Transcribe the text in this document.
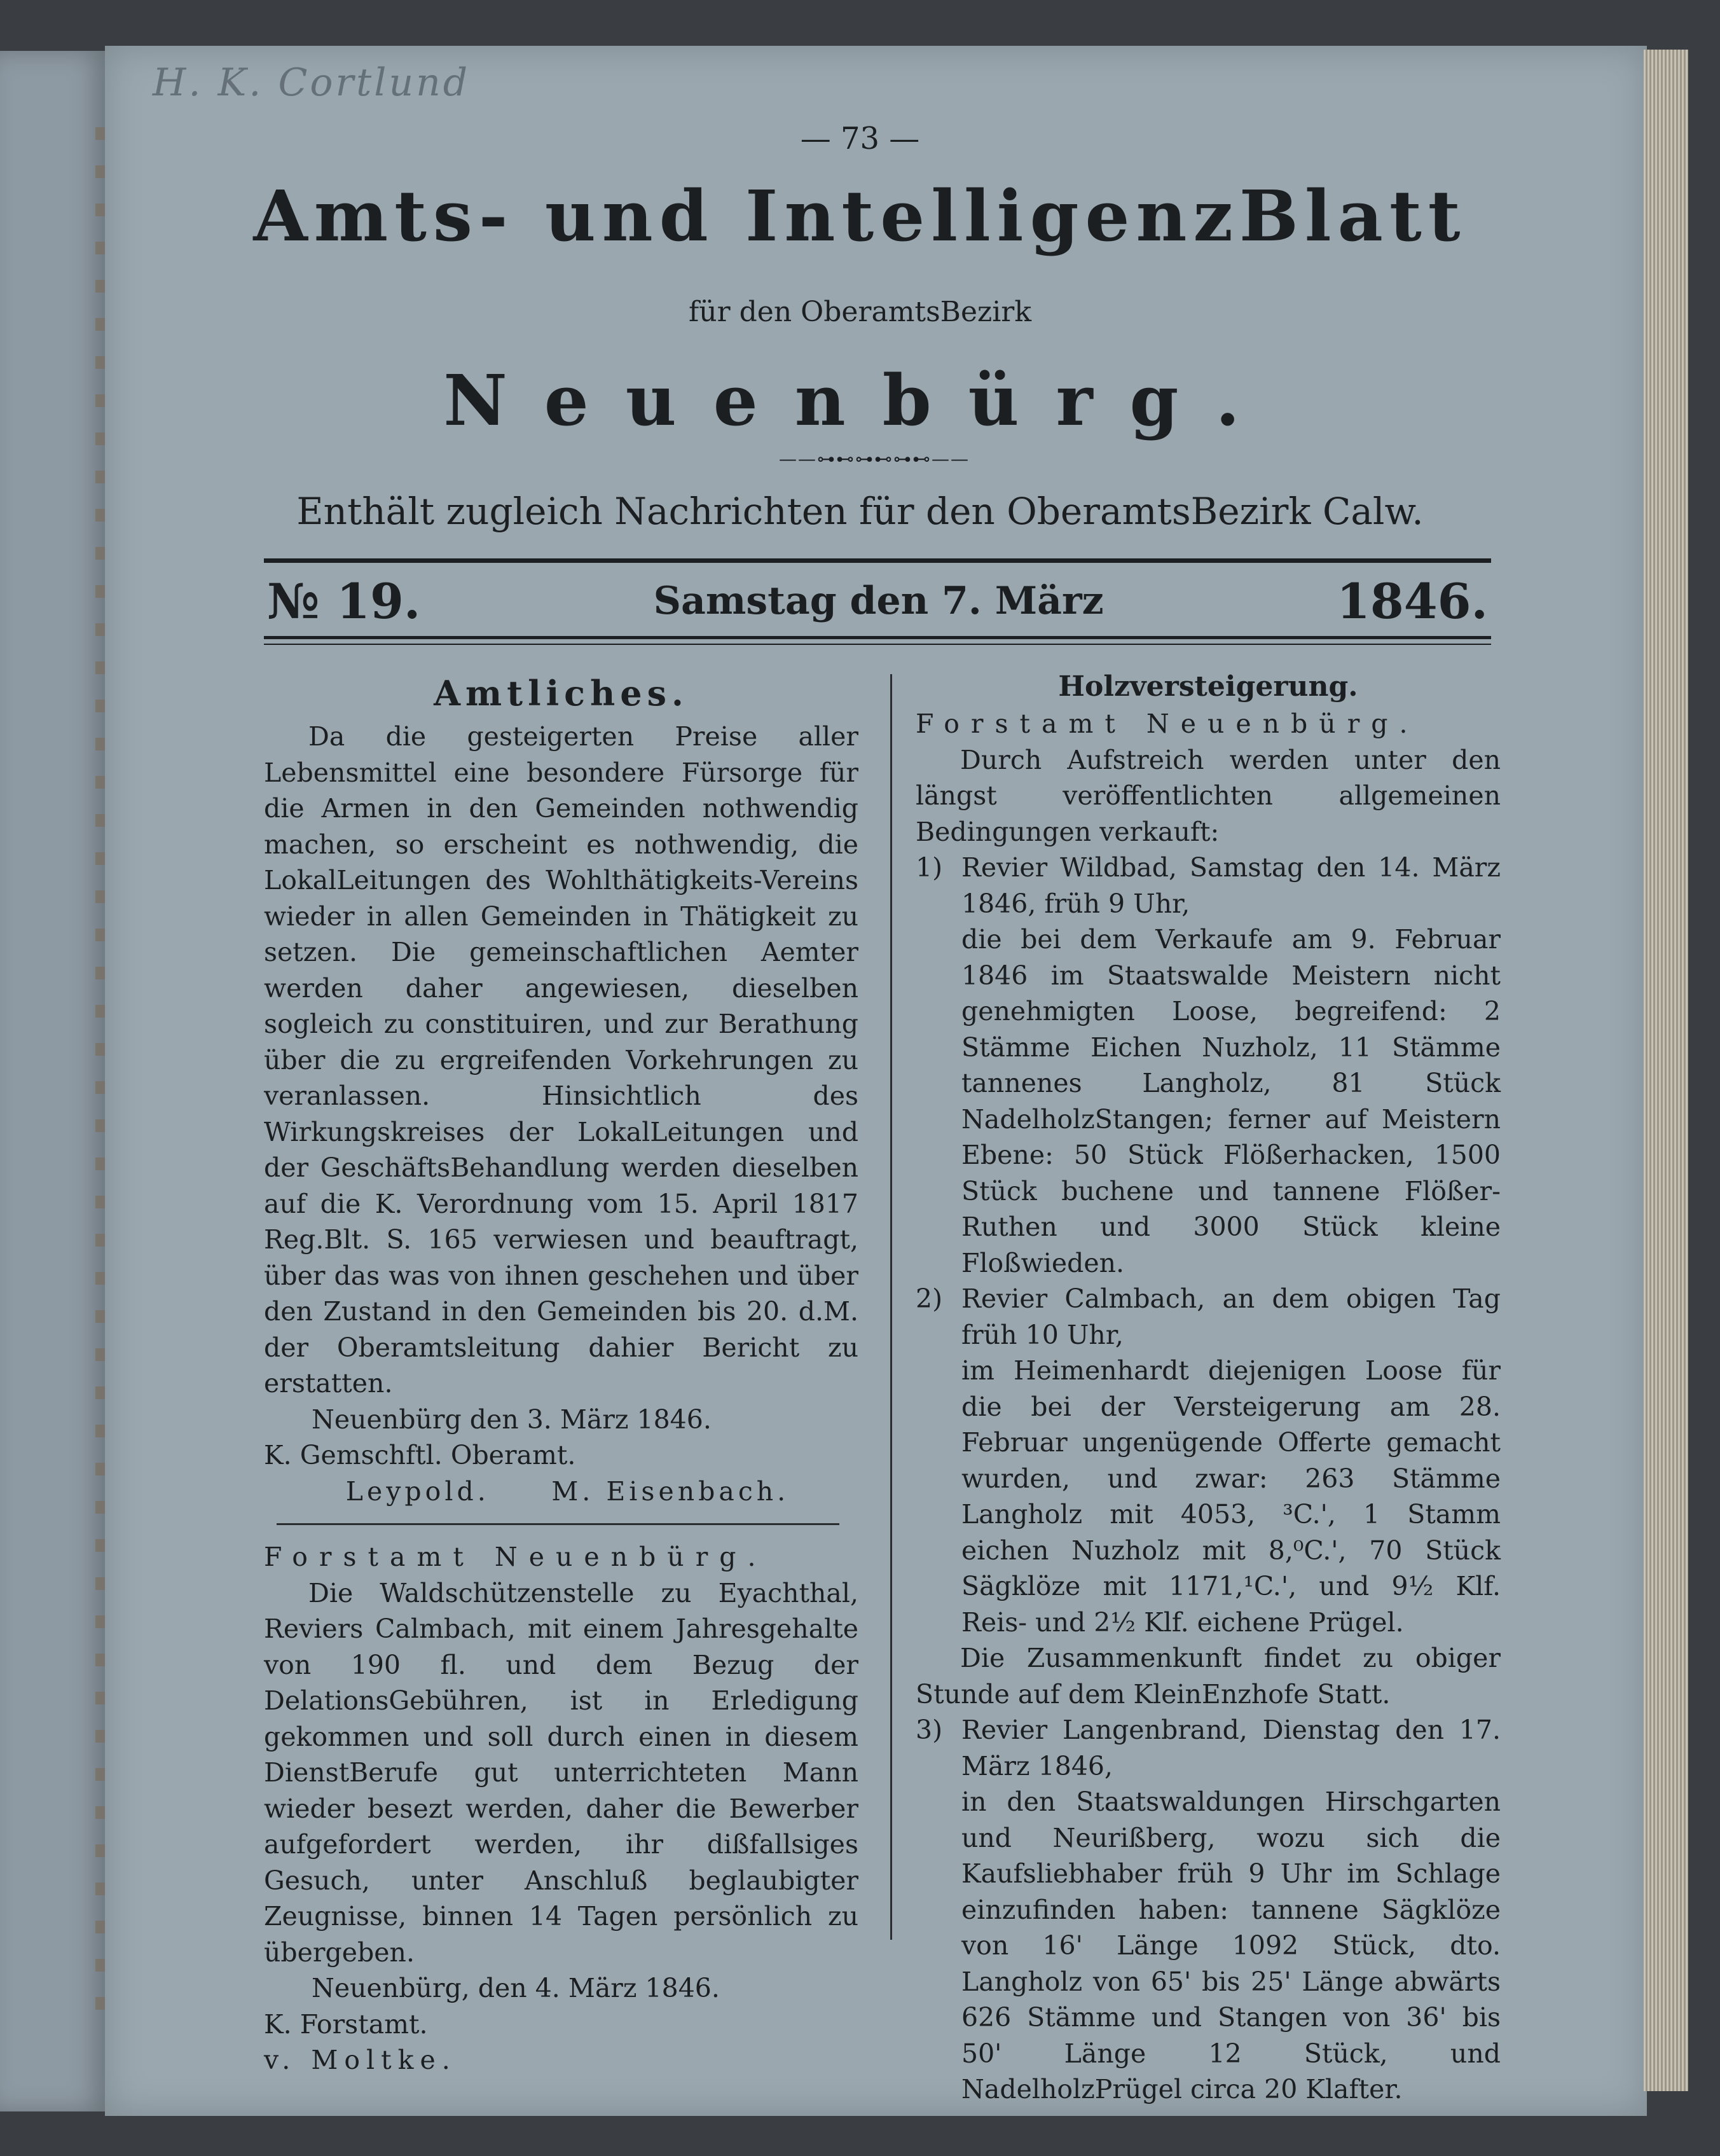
H. K. Cortlund
— 73 —
Amts- und IntelligenzBlatt
für den OberamtsBezirk
Neuenbürg.
——⊶⊷⊶⊷⊶⊷——
Enthält zugleich Nachrichten für den OberamtsBezirk Calw.
№ 19.	Samstag den 7. März	1846.
Amtliches.

Da die gesteigerten Preise aller Lebensmittel eine besondere Fürsorge für die Armen in den Gemeinden nothwendig machen, so erscheint es nothwendig, die LokalLeitungen des Wohlthätigkeits-Vereins wieder in allen Gemeinden in Thätigkeit zu setzen. Die gemeinschaftlichen Aemter werden daher angewiesen, dieselben sogleich zu constituiren, und zur Berathung über die zu ergreifenden Vorkehrungen zu veranlassen. Hinsichtlich des Wirkungskreises der LokalLeitungen und der GeschäftsBehandlung werden dieselben auf die K. Verordnung vom 15. April 1817 Reg.Blt. S. 165 verwiesen und beauftragt, über das was von ihnen geschehen und über den Zustand in den Gemeinden bis 20. d.M. der Oberamtsleitung dahier Bericht zu erstatten.

Neuenbürg den 3. März 1846.

K. Gemschftl. Oberamt.

Leypold. M. Eisenbach.

Forstamt Neuenbürg.

Die Waldschützenstelle zu Eyachthal, Reviers Calmbach, mit einem Jahresgehalte von 190 fl. und dem Bezug der DelationsGebühren, ist in Erledigung gekommen und soll durch einen in diesem DienstBerufe gut unterrichteten Mann wieder besezt werden, daher die Bewerber aufgefordert werden, ihr dißfallsiges Gesuch, unter Anschluß beglaubigter Zeugnisse, binnen 14 Tagen persönlich zu übergeben.

Neuenbürg, den 4. März 1846.

K. Forstamt.

v. Moltke.

Holzversteigerung.

Forstamt Neuenbürg.

Durch Aufstreich werden unter den längst veröffentlichten allgemeinen Bedingungen verkauft:

1) Revier Wildbad, Samstag den 14. März 1846, früh 9 Uhr,

die bei dem Verkaufe am 9. Februar 1846 im Staatswalde Meistern nicht genehmigten Loose, begreifend: 2 Stämme Eichen Nuzholz, 11 Stämme tannenes Langholz, 81 Stück NadelholzStangen; ferner auf Meistern Ebene: 50 Stück Flößerhacken, 1500 Stück buchene und tannene Flößer-Ruthen und 3000 Stück kleine Floßwieden.

2) Revier Calmbach, an dem obigen Tag früh 10 Uhr,

im Heimenhardt diejenigen Loose für die bei der Versteigerung am 28. Februar ungenügende Offerte gemacht wurden, und zwar: 263 Stämme Langholz mit 4053, ³C.', 1 Stamm eichen Nuzholz mit 8,⁰C.', 70 Stück Sägklöze mit 1171,¹C.', und 9½ Klf. Reis- und 2½ Klf. eichene Prügel.

Die Zusammenkunft findet zu obiger Stunde auf dem KleinEnzhofe Statt.

3) Revier Langenbrand, Dienstag den 17. März 1846,

in den Staatswaldungen Hirschgarten und Neurißberg, wozu sich die Kaufsliebhaber früh 9 Uhr im Schlage einzufinden haben: tannene Sägklöze von 16' Länge 1092 Stück, dto. Langholz von 65' bis 25' Länge abwärts 626 Stämme und Stangen von 36' bis 50' Länge 12 Stück, und NadelholzPrügel circa 20 Klafter.
